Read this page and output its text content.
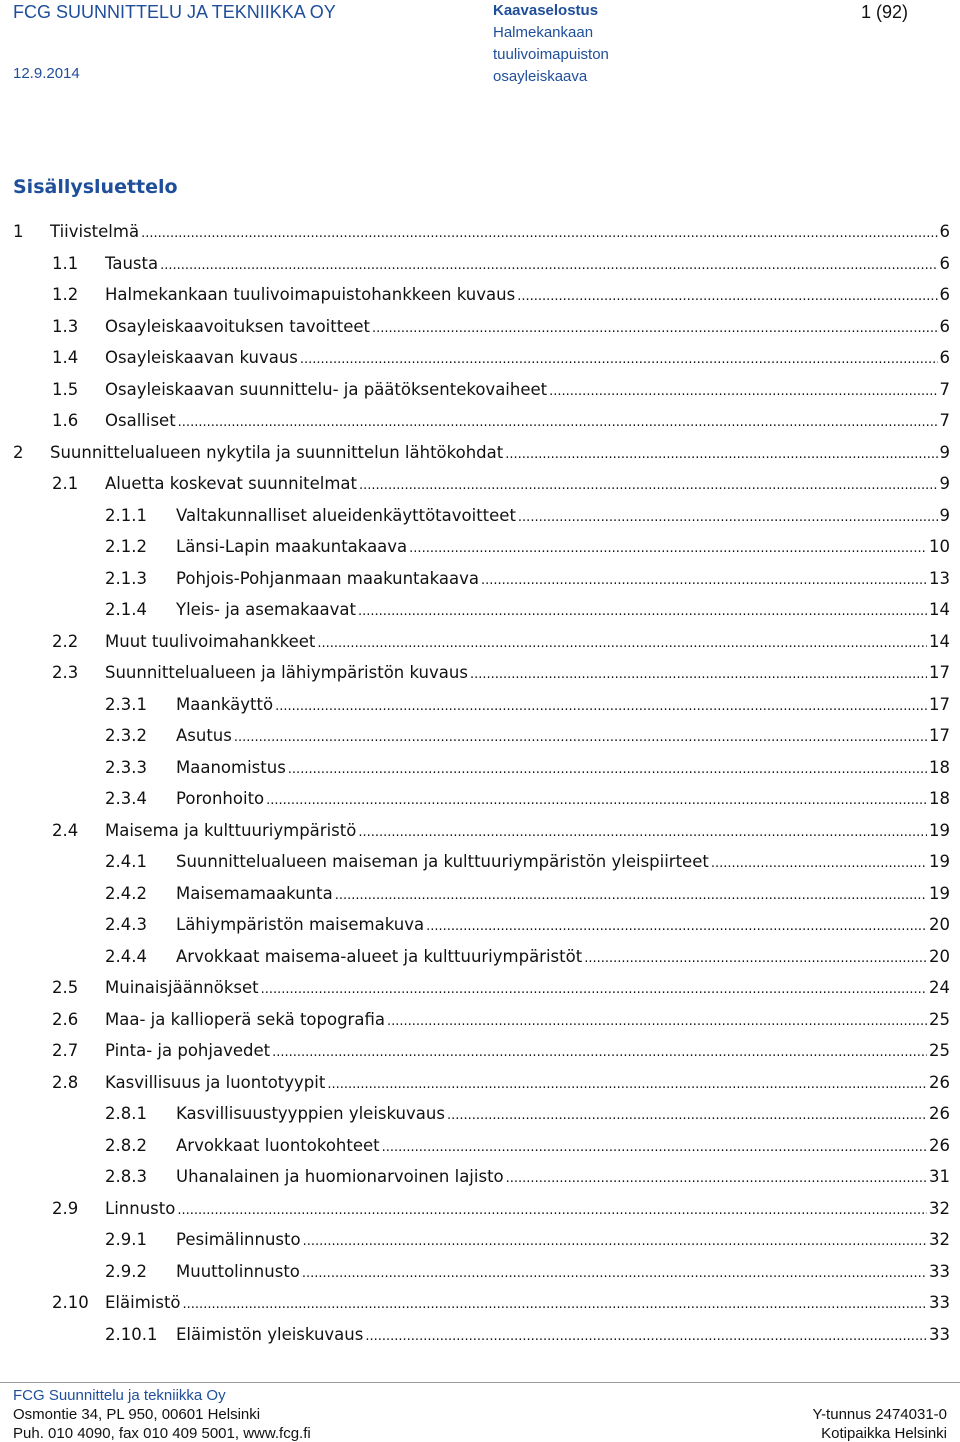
FCG SUUNNITTELU JA TEKNIIKKA OY
12.9.2014
Kaavaselostus
Halmekankaan
tuulivoimapuiston
osayleiskaava
1 (92)
Sisällysluettelo
1 Tiivistelmä .....	6
1.1 Tausta .....	6
1.2 Halmekankaan tuulivoimapuistohankkeen kuvaus .....	6
1.3 Osayleiskaavoituksen tavoitteet .....	6
1.4 Osayleiskaavan kuvaus .....	6
1.5 Osayleiskaavan suunnittelu- ja päätöksentekovaiheet .....	7
1.6 Osalliset .....	7
2 Suunnittelualueen nykytila ja suunnittelun lähtökohdat .....	9
2.1 Aluetta koskevat suunnitelmat .....	9
2.1.1 Valtakunnalliset alueidenkäyttötavoitteet .....	9
2.1.2 Länsi-Lapin maakuntakaava .....	10
2.1.3 Pohjois-Pohjanmaan maakuntakaava .....	13
2.1.4 Yleis- ja asemakaavat .....	14
2.2 Muut tuulivoimahankkeet .....	14
2.3 Suunnittelualueen ja lähiympäristön kuvaus .....	17
2.3.1 Maankäyttö .....	17
2.3.2 Asutus .....	17
2.3.3 Maanomistus .....	18
2.3.4 Poronhoito .....	18
2.4 Maisema ja kulttuuriympäristö .....	19
2.4.1 Suunnittelualueen maiseman ja kulttuuriympäristön yleispiirteet .....	19
2.4.2 Maisemamaakunta .....	19
2.4.3 Lähiympäristön maisemakuva .....	20
2.4.4 Arvokkaat maisema-alueet ja kulttuuriympäristöt .....	20
2.5 Muinaisjäännökset .....	24
2.6 Maa- ja kallioperä sekä topografia .....	25
2.7 Pinta- ja pohjavedet .....	25
2.8 Kasvillisuus ja luontotyypit .....	26
2.8.1 Kasvillisuustyyppien yleiskuvaus .....	26
2.8.2 Arvokkaat luontokohteet .....	26
2.8.3 Uhanalainen ja huomionarvoinen lajisto .....	31
2.9 Linnusto .....	32
2.9.1 Pesimälinnusto .....	32
2.9.2 Muuttolinnusto .....	33
2.10 Eläimistö .....	33
2.10.1 Eläimistön yleiskuvaus .....	33
FCG Suunnittelu ja tekniikka Oy
Osmontie 34, PL 950, 00601 Helsinki
Puh. 010 4090, fax 010 409 5001, www.fcg.fi
Y-tunnus 2474031-0
Kotipaikka Helsinki
